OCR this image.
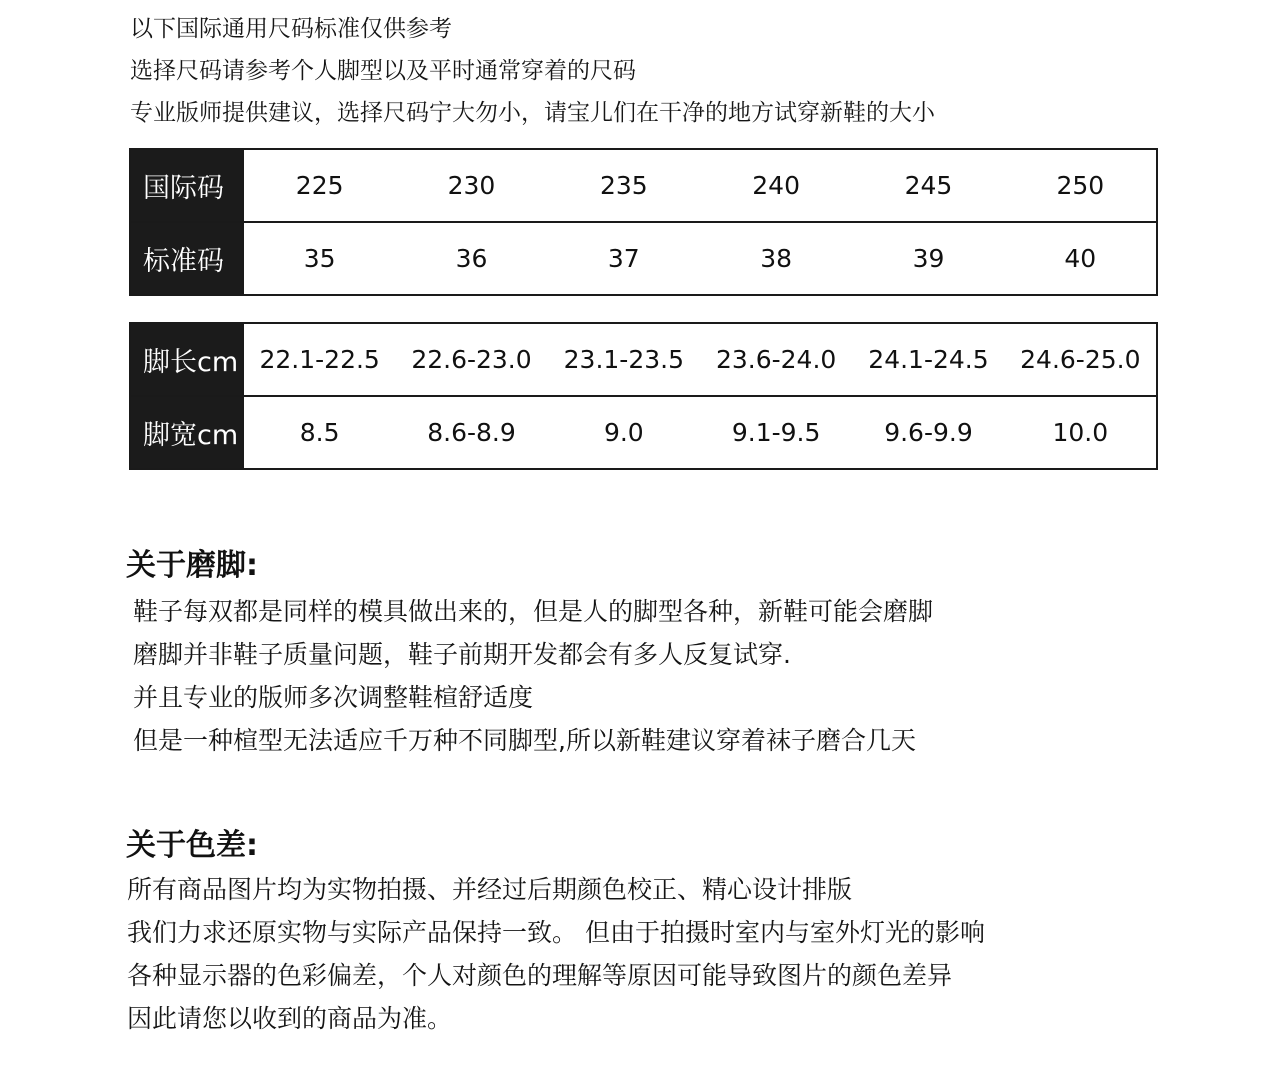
以下国际通用尺码标准仅供参考
选择尺码请参考个人脚型以及平时通常穿着的尺码
专业版师提供建议，选择尺码宁大勿小，请宝儿们在干净的地方试穿新鞋的大小
国际码	225	230	235	240	245	250
标准码	35	36	37	38	39	40
脚长cm	22.1-22.5	22.6-23.0	23.1-23.5	23.6-24.0	24.1-24.5	24.6-25.0
脚宽cm	8.5	8.6-8.9	9.0	9.1-9.5	9.6-9.9	10.0
关于磨脚:
鞋子每双都是同样的模具做出来的，但是人的脚型各种，新鞋可能会磨脚
磨脚并非鞋子质量问题，鞋子前期开发都会有多人反复试穿.
并且专业的版师多次调整鞋楦舒适度
但是一种楦型无法适应千万种不同脚型,所以新鞋建议穿着袜子磨合几天
关于色差:
所有商品图片均为实物拍摄、并经过后期颜色校正、精心设计排版
我们力求还原实物与实际产品保持一致。 但由于拍摄时室内与室外灯光的影响
各种显示器的色彩偏差，个人对颜色的理解等原因可能导致图片的颜色差异
因此请您以收到的商品为准。
